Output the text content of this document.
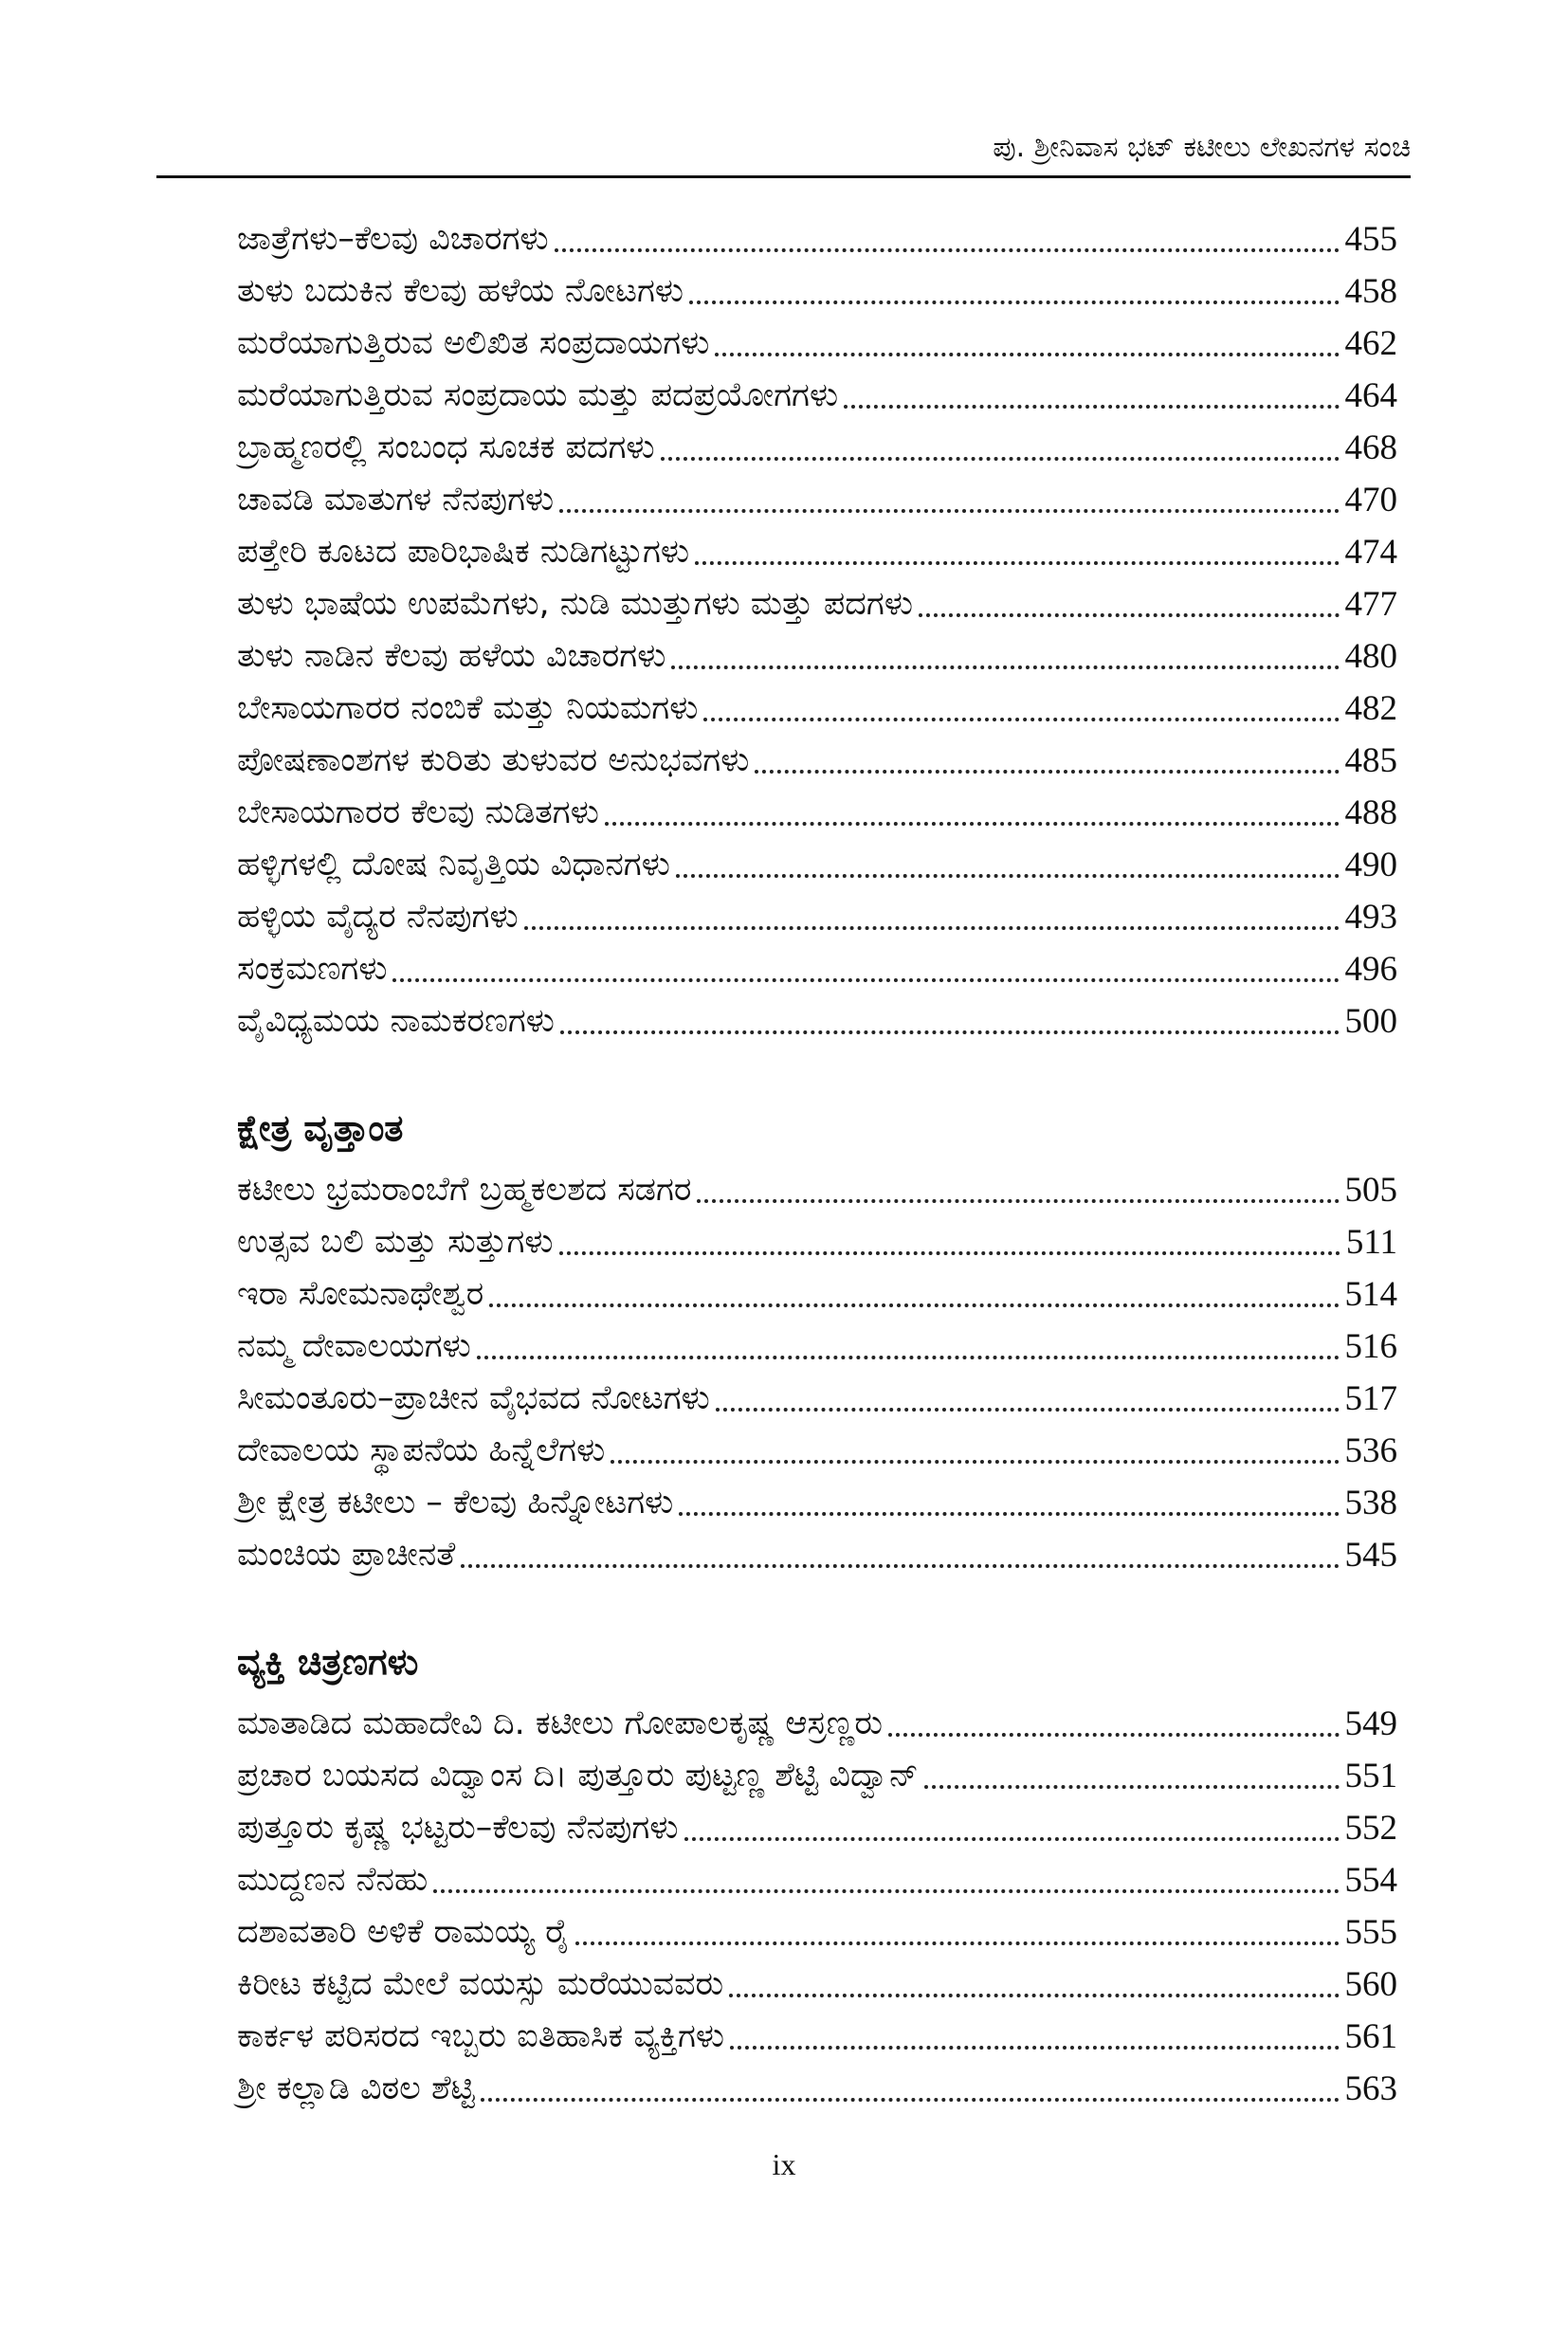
ಪು. ಶ್ರೀನಿವಾಸ ಭಟ್ ಕಟೀಲು ಲೇಖನಗಳ ಸಂಚಿ
ಜಾತ್ರೆಗಳು–ಕೆಲವು ವಿಚಾರಗಳು	455
ತುಳು ಬದುಕಿನ ಕೆಲವು ಹಳೆಯ ನೋಟಗಳು	458
ಮರೆಯಾಗುತ್ತಿರುವ ಅಲಿಖಿತ ಸಂಪ್ರದಾಯಗಳು	462
ಮರೆಯಾಗುತ್ತಿರುವ ಸಂಪ್ರದಾಯ ಮತ್ತು ಪದಪ್ರಯೋಗಗಳು	464
ಬ್ರಾಹ್ಮಣರಲ್ಲಿ ಸಂಬಂಧ ಸೂಚಕ ಪದಗಳು	468
ಚಾವಡಿ ಮಾತುಗಳ ನೆನಪುಗಳು	470
ಪತ್ತೇರಿ ಕೂಟದ ಪಾರಿಭಾಷಿಕ ನುಡಿಗಟ್ಟುಗಳು	474
ತುಳು ಭಾಷೆಯ ಉಪಮೆಗಳು, ನುಡಿ ಮುತ್ತುಗಳು ಮತ್ತು ಪದಗಳು	477
ತುಳು ನಾಡಿನ ಕೆಲವು ಹಳೆಯ ವಿಚಾರಗಳು	480
ಬೇಸಾಯಗಾರರ ನಂಬಿಕೆ ಮತ್ತು ನಿಯಮಗಳು	482
ಪೋಷಣಾಂಶಗಳ ಕುರಿತು ತುಳುವರ ಅನುಭವಗಳು	485
ಬೇಸಾಯಗಾರರ ಕೆಲವು ನುಡಿತಗಳು	488
ಹಳ್ಳಿಗಳಲ್ಲಿ ದೋಷ ನಿವೃತ್ತಿಯ ವಿಧಾನಗಳು	490
ಹಳ್ಳಿಯ ವೈದ್ಯರ ನೆನಪುಗಳು	493
ಸಂಕ್ರಮಣಗಳು	496
ವೈವಿಧ್ಯಮಯ ನಾಮಕರಣಗಳು	500
ಕ್ಷೇತ್ರ ವೃತ್ತಾಂತ
ಕಟೀಲು ಭ್ರಮರಾಂಬೆಗೆ ಬ್ರಹ್ಮಕಲಶದ ಸಡಗರ	505
ಉತ್ಸವ ಬಲಿ ಮತ್ತು ಸುತ್ತುಗಳು	511
ಇರಾ ಸೋಮನಾಥೇಶ್ವರ	514
ನಮ್ಮ ದೇವಾಲಯಗಳು	516
ಸೀಮಂತೂರು–ಪ್ರಾಚೀನ ವೈಭವದ ನೋಟಗಳು	517
ದೇವಾಲಯ ಸ್ಥಾಪನೆಯ ಹಿನ್ನೆಲೆಗಳು	536
ಶ್ರೀ ಕ್ಷೇತ್ರ ಕಟೀಲು – ಕೆಲವು ಹಿನ್ನೋಟಗಳು	538
ಮಂಚಿಯ ಪ್ರಾಚೀನತೆ	545
ವ್ಯಕ್ತಿ ಚಿತ್ರಣಗಳು
ಮಾತಾಡಿದ ಮಹಾದೇವಿ ದಿ. ಕಟೀಲು ಗೋಪಾಲಕೃಷ್ಣ ಆಸ್ರಣ್ಣರು	549
ಪ್ರಚಾರ ಬಯಸದ ವಿದ್ವಾಂಸ ದಿ। ಪುತ್ತೂರು ಪುಟ್ಟಣ್ಣ ಶೆಟ್ಟಿ ವಿದ್ವಾನ್	551
ಪುತ್ತೂರು ಕೃಷ್ಣ ಭಟ್ಟರು–ಕೆಲವು ನೆನಪುಗಳು	552
ಮುದ್ದಣನ ನೆನಹು	554
ದಶಾವತಾರಿ ಅಳಿಕೆ ರಾಮಯ್ಯ ರೈ	555
ಕಿರೀಟ ಕಟ್ಟಿದ ಮೇಲೆ ವಯಸ್ಸು ಮರೆಯುವವರು	560
ಕಾರ್ಕಳ ಪರಿಸರದ ಇಬ್ಬರು ಐತಿಹಾಸಿಕ ವ್ಯಕ್ತಿಗಳು	561
ಶ್ರೀ ಕಲ್ಲಾಡಿ ವಿಠಲ ಶೆಟ್ಟಿ	563
ix
